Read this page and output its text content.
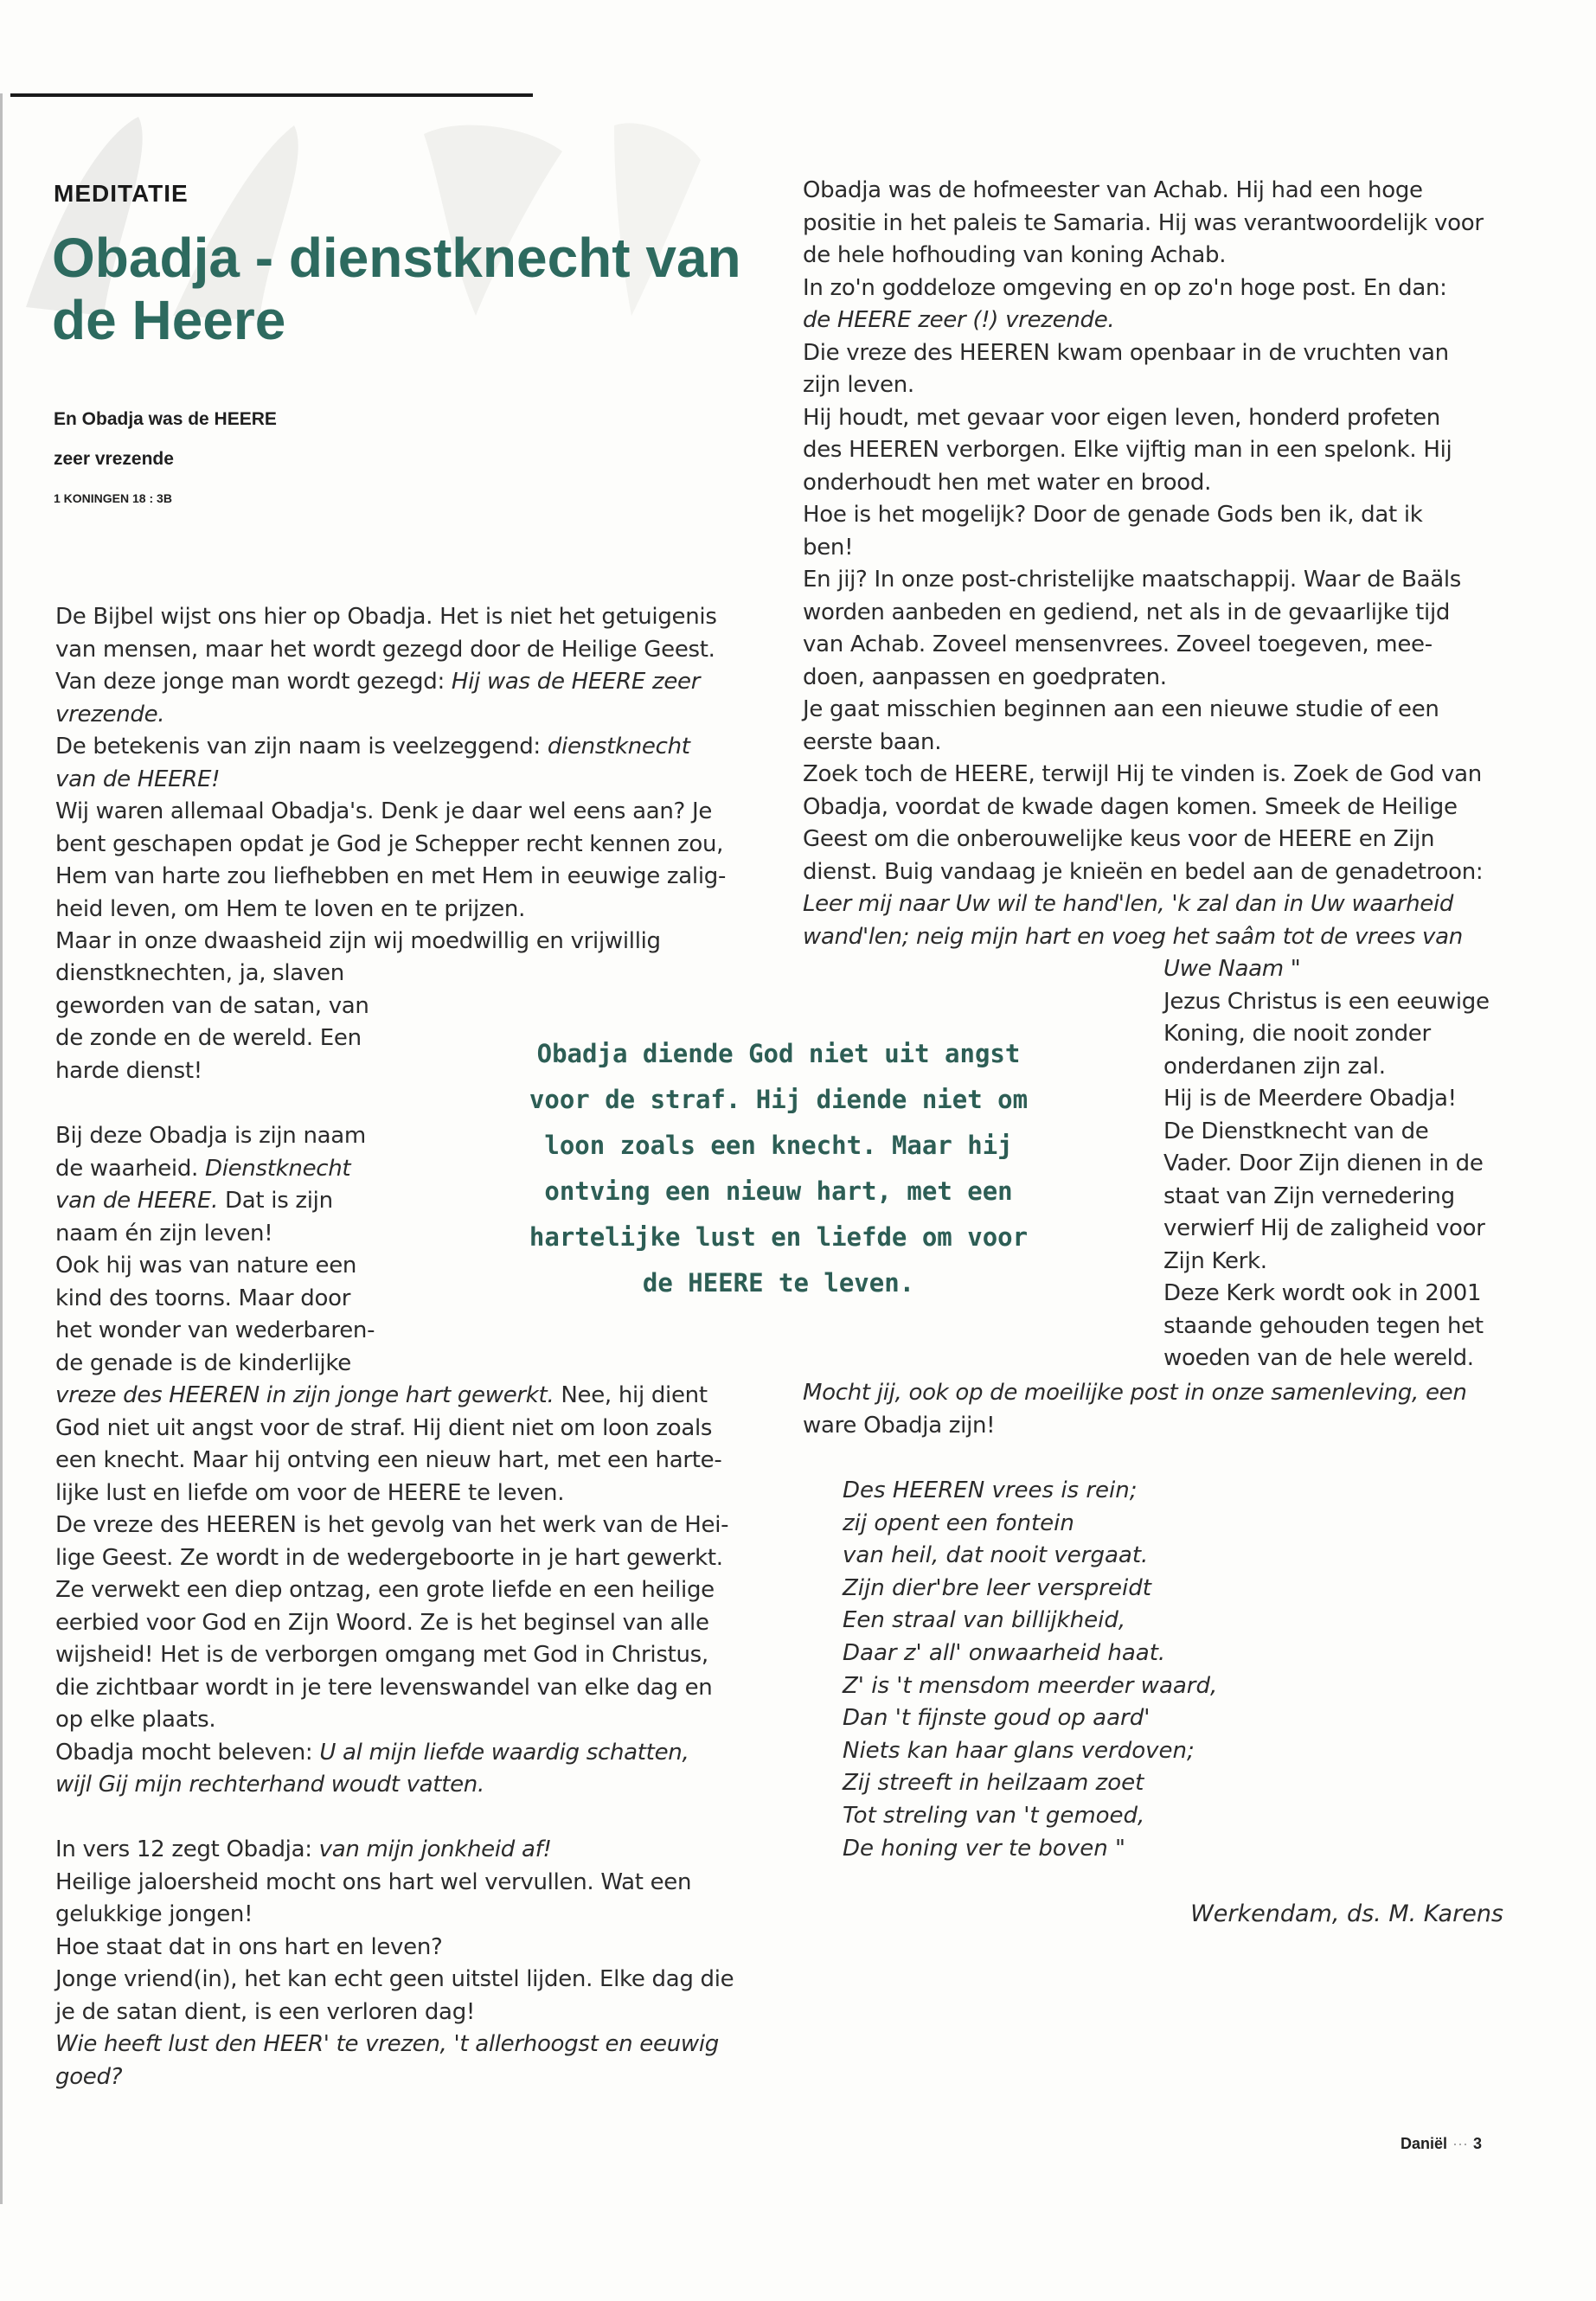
MEDITATIE
Obadja - dienstknecht van de Heere
En Obadja was de HEERE
zeer vrezende
1 KONINGEN 18 : 3B
De Bijbel wijst ons hier op Obadja. Het is niet het getuigenis
van mensen, maar het wordt gezegd door de Heilige Geest.
Van deze jonge man wordt gezegd: Hij was de HEERE zeer
vrezende.
De betekenis van zijn naam is veelzeggend: dienstknecht
van de HEERE!
Wij waren allemaal Obadja's. Denk je daar wel eens aan? Je
bent geschapen opdat je God je Schepper recht kennen zou,
Hem van harte zou liefhebben en met Hem in eeuwige zalig-
heid leven, om Hem te loven en te prijzen.
Maar in onze dwaasheid zijn wij moedwillig en vrijwillig
dienstknechten, ja, slaven
geworden van de satan, van
de zonde en de wereld. Een
harde dienst!
Bij deze Obadja is zijn naam
de waarheid. Dienstknecht
van de HEERE. Dat is zijn
naam én zijn leven!
Ook hij was van nature een
kind des toorns. Maar door
het wonder van wederbaren-
de genade is de kinderlijke
vreze des HEEREN in zijn jonge hart gewerkt. Nee, hij dient
God niet uit angst voor de straf. Hij dient niet om loon zoals
een knecht. Maar hij ontving een nieuw hart, met een harte-
lijke lust en liefde om voor de HEERE te leven.
De vreze des HEEREN is het gevolg van het werk van de Hei-
lige Geest. Ze wordt in de wedergeboorte in je hart gewerkt.
Ze verwekt een diep ontzag, een grote liefde en een heilige
eerbied voor God en Zijn Woord. Ze is het beginsel van alle
wijsheid! Het is de verborgen omgang met God in Christus,
die zichtbaar wordt in je tere levenswandel van elke dag en
op elke plaats.
Obadja mocht beleven: U al mijn liefde waardig schatten,
wijl Gij mijn rechterhand woudt vatten.
In vers 12 zegt Obadja: van mijn jonkheid af!
Heilige jaloersheid mocht ons hart wel vervullen. Wat een
gelukkige jongen!
Hoe staat dat in ons hart en leven?
Jonge vriend(in), het kan echt geen uitstel lijden. Elke dag die
je de satan dient, is een verloren dag!
Wie heeft lust den HEER' te vrezen, 't allerhoogst en eeuwig
goed?
Obadja diende God niet uit angst
voor de straf. Hij diende niet om
loon zoals een knecht. Maar hij
ontving een nieuw hart, met een
hartelijke lust en liefde om voor
de HEERE te leven.
Obadja was de hofmeester van Achab. Hij had een hoge
positie in het paleis te Samaria. Hij was verantwoordelijk voor
de hele hofhouding van koning Achab.
In zo'n goddeloze omgeving en op zo'n hoge post. En dan:
de HEERE zeer (!) vrezende.
Die vreze des HEEREN kwam openbaar in de vruchten van
zijn leven.
Hij houdt, met gevaar voor eigen leven, honderd profeten
des HEEREN verborgen. Elke vijftig man in een spelonk. Hij
onderhoudt hen met water en brood.
Hoe is het mogelijk? Door de genade Gods ben ik, dat ik
ben!
En jij? In onze post-christelijke maatschappij. Waar de Baäls
worden aanbeden en gediend, net als in de gevaarlijke tijd
van Achab. Zoveel mensenvrees. Zoveel toegeven, mee-
doen, aanpassen en goedpraten.
Je gaat misschien beginnen aan een nieuwe studie of een
eerste baan.
Zoek toch de HEERE, terwijl Hij te vinden is. Zoek de God van
Obadja, voordat de kwade dagen komen. Smeek de Heilige
Geest om die onberouwelijke keus voor de HEERE en Zijn
dienst. Buig vandaag je knieën en bedel aan de genadetroon:
Leer mij naar Uw wil te hand'len, 'k zal dan in Uw waarheid
wand'len; neig mijn hart en voeg het saâm tot de vrees van
Uwe Naam "
Jezus Christus is een eeuwige
Koning, die nooit zonder
onderdanen zijn zal.
Hij is de Meerdere Obadja!
De Dienstknecht van de
Vader. Door Zijn dienen in de
staat van Zijn vernedering
verwierf Hij de zaligheid voor
Zijn Kerk.
Deze Kerk wordt ook in 2001
staande gehouden tegen het
woeden van de hele wereld.
Mocht jij, ook op de moeilijke post in onze samenleving, een
ware Obadja zijn!
Des HEEREN vrees is rein;
zij opent een fontein
van heil, dat nooit vergaat.
Zijn dier'bre leer verspreidt
Een straal van billijkheid,
Daar z' all' onwaarheid haat.
Z' is 't mensdom meerder waard,
Dan 't fijnste goud op aard'
Niets kan haar glans verdoven;
Zij streeft in heilzaam zoet
Tot streling van 't gemoed,
De honing ver te boven "
Werkendam, ds. M. Karens
Daniël ··· 3
